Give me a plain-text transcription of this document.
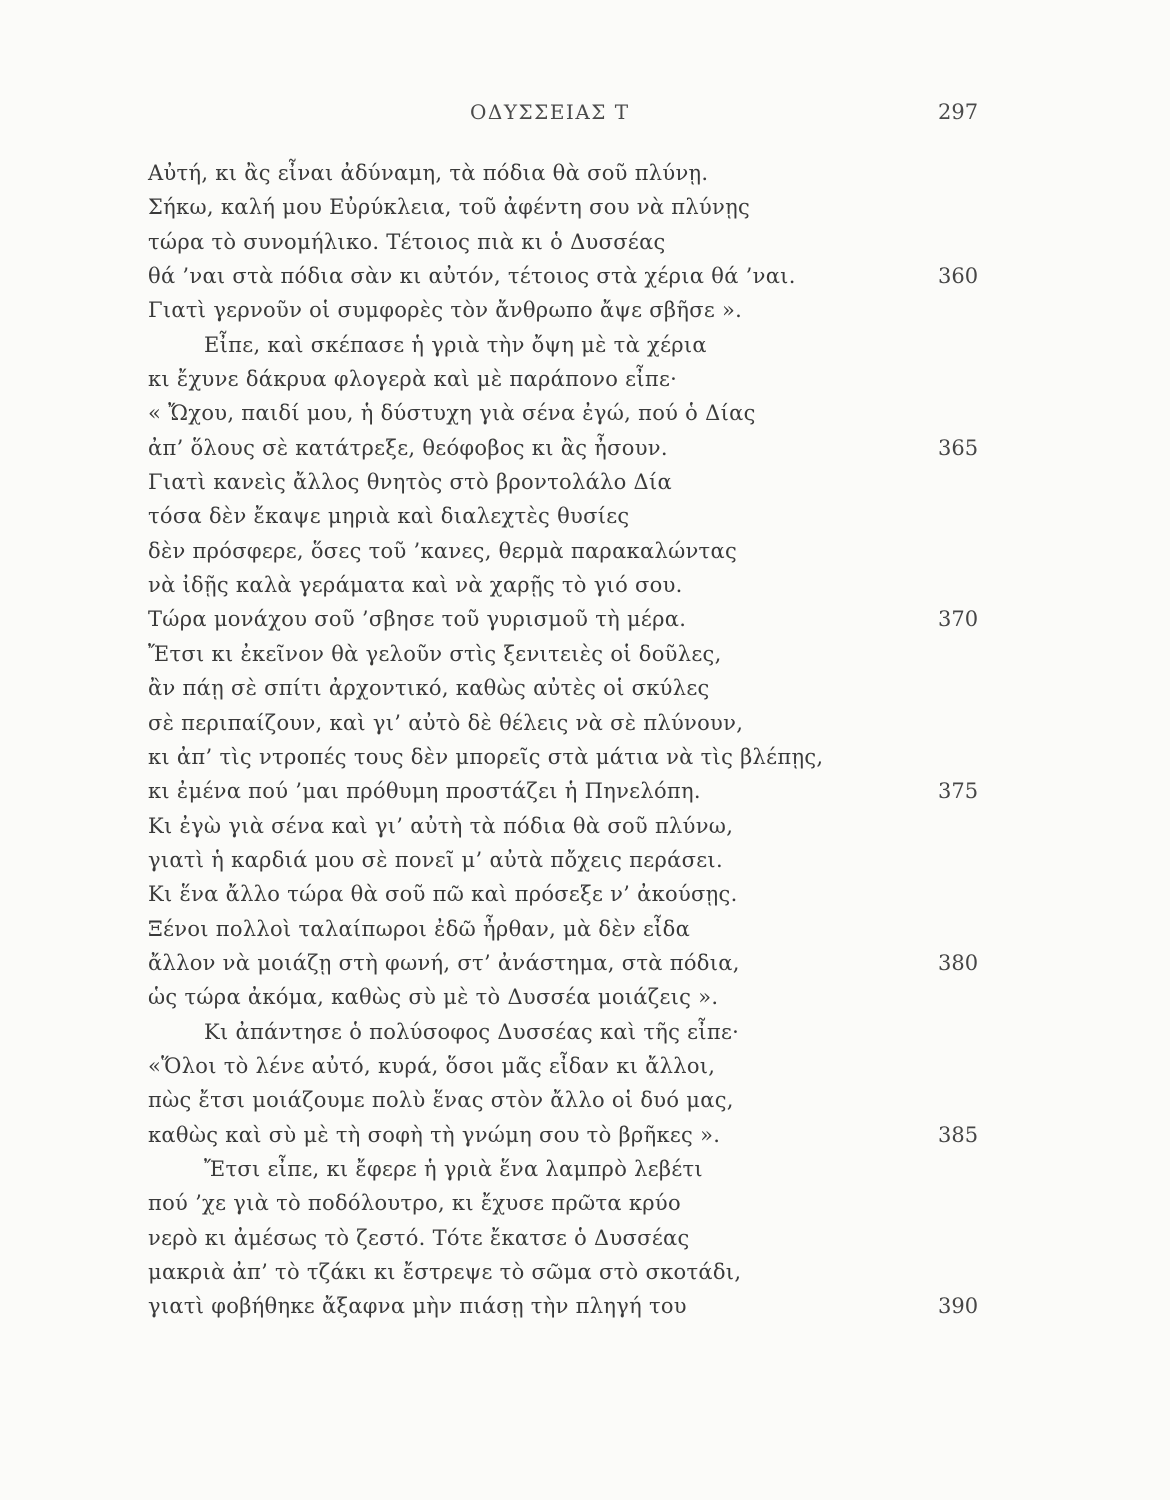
ΟΔΥΣΣΕΙΑΣ Τ	297
Αὐτή, κι ἂς εἶναι ἀδύναμη, τὰ πόδια θὰ σοῦ πλύνῃ.
Σήκω, καλή μου Εὐρύκλεια, τοῦ ἀφέντη σου νὰ πλύνῃς
τώρα τὸ συνομήλικο. Τέτοιος πιὰ κι ὁ Δυσσέας
θά ’ναι στὰ πόδια σὰν κι αὐτόν, τέτοιος στὰ χέρια θά ’ναι.	360
Γιατὶ γερνοῦν οἱ συμφορὲς τὸν ἄνθρωπο ἄψε σβῆσε ».
Εἶπε, καὶ σκέπασε ἡ γριὰ τὴν ὄψη μὲ τὰ χέρια
κι ἔχυνε δάκρυα φλογερὰ καὶ μὲ παράπονο εἶπε·
« Ὤχου, παιδί μου, ἡ δύστυχη γιὰ σένα ἐγώ, πού ὁ Δίας
ἀπ’ ὅλους σὲ κατάτρεξε, θεόφοβος κι ἂς ἦσουν.	365
Γιατὶ κανεὶς ἄλλος θνητὸς στὸ βροντολάλο Δία
τόσα δὲν ἔκαψε μηριὰ καὶ διαλεχτὲς θυσίες
δὲν πρόσφερε, ὅσες τοῦ ’κανες, θερμὰ παρακαλώντας
νὰ ἰδῇς καλὰ γεράματα καὶ νὰ χαρῇς τὸ γιό σου.
Τώρα μονάχου σοῦ ’σβησε τοῦ γυρισμοῦ τὴ μέρα.	370
Ἔτσι κι ἐκεῖνον θὰ γελοῦν στὶς ξενιτειὲς οἱ δοῦλες,
ἂν πάῃ σὲ σπίτι ἀρχοντικό, καθὼς αὐτὲς οἱ σκύλες
σὲ περιπαίζουν, καὶ γι’ αὐτὸ δὲ θέλεις νὰ σὲ πλύνουν,
κι ἀπ’ τὶς ντροπές τους δὲν μπορεῖς στὰ μάτια νὰ τὶς βλέπῃς,
κι ἐμένα πού ’μαι πρόθυμη προστάζει ἡ Πηνελόπη.	375
Κι ἐγὼ γιὰ σένα καὶ γι’ αὐτὴ τὰ πόδια θὰ σοῦ πλύνω,
γιατὶ ἡ καρδιά μου σὲ πονεῖ μ’ αὐτὰ πὄχεις περάσει.
Κι ἕνα ἄλλο τώρα θὰ σοῦ πῶ καὶ πρόσεξε ν’ ἀκούσῃς.
Ξένοι πολλοὶ ταλαίπωροι ἐδῶ ἦρθαν, μὰ δὲν εἶδα
ἄλλον νὰ μοιάζῃ στὴ φωνή, στ’ ἀνάστημα, στὰ πόδια,	380
ὡς τώρα ἀκόμα, καθὼς σὺ μὲ τὸ Δυσσέα μοιάζεις ».
Κι ἀπάντησε ὁ πολύσοφος Δυσσέας καὶ τῆς εἶπε·
«Ὅλοι τὸ λένε αὐτό, κυρά, ὅσοι μᾶς εἶδαν κι ἄλλοι,
πὼς ἔτσι μοιάζουμε πολὺ ἕνας στὸν ἄλλο οἱ δυό μας,
καθὼς καὶ σὺ μὲ τὴ σοφὴ τὴ γνώμη σου τὸ βρῆκες ».	385
Ἔτσι εἶπε, κι ἔφερε ἡ γριὰ ἕνα λαμπρὸ λεβέτι
πού ’χε γιὰ τὸ ποδόλουτρο, κι ἔχυσε πρῶτα κρύο
νερὸ κι ἀμέσως τὸ ζεστό. Τότε ἔκατσε ὁ Δυσσέας
μακριὰ ἀπ’ τὸ τζάκι κι ἔστρεψε τὸ σῶμα στὸ σκοτάδι,
γιατὶ φοβήθηκε ἄξαφνα μὴν πιάσῃ τὴν πληγή του	390
